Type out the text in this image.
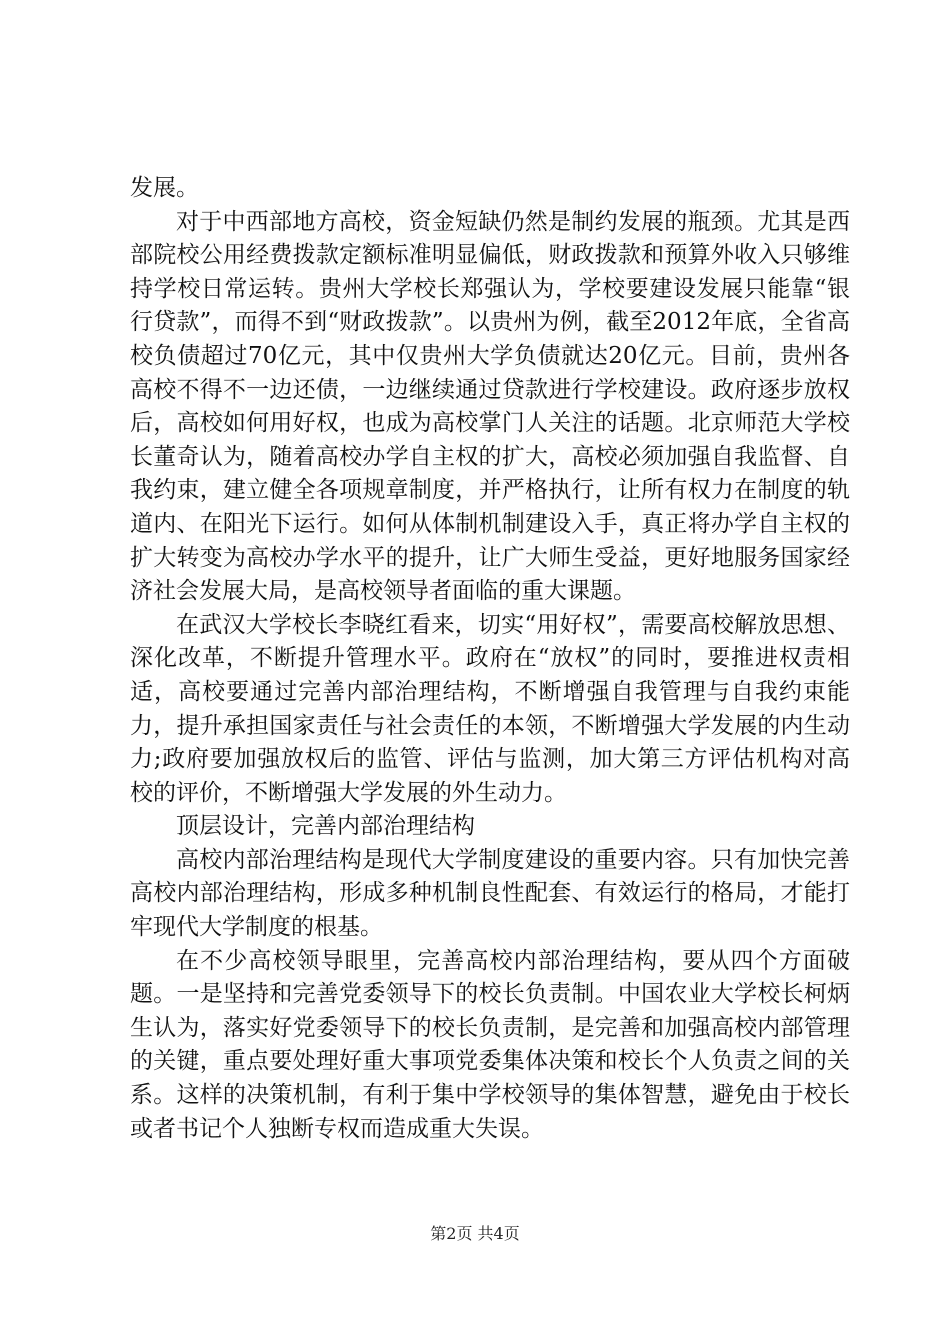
发展。

对于中西部地方高校，资金短缺仍然是制约发展的瓶颈。尤其是西部院校公用经费拨款定额标准明显偏低，财政拨款和预算外收入只够维持学校日常运转。贵州大学校长郑强认为，学校要建设发展只能靠“银行贷款”，而得不到“财政拨款”。以贵州为例，截至2012年底，全省高校负债超过70亿元，其中仅贵州大学负债就达20亿元。目前，贵州各高校不得不一边还债，一边继续通过贷款进行学校建设。政府逐步放权后，高校如何用好权，也成为高校掌门人关注的话题。北京师范大学校长董奇认为，随着高校办学自主权的扩大，高校必须加强自我监督、自我约束，建立健全各项规章制度，并严格执行，让所有权力在制度的轨道内、在阳光下运行。如何从体制机制建设入手，真正将办学自主权的扩大转变为高校办学水平的提升，让广大师生受益，更好地服务国家经济社会发展大局，是高校领导者面临的重大课题。

在武汉大学校长李晓红看来，切实“用好权”，需要高校解放思想、深化改革，不断提升管理水平。政府在“放权”的同时，要推进权责相适，高校要通过完善内部治理结构，不断增强自我管理与自我约束能力，提升承担国家责任与社会责任的本领，不断增强大学发展的内生动力;政府要加强放权后的监管、评估与监测，加大第三方评估机构对高校的评价，不断增强大学发展的外生动力。

顶层设计，完善内部治理结构

高校内部治理结构是现代大学制度建设的重要内容。只有加快完善高校内部治理结构，形成多种机制良性配套、有效运行的格局，才能打牢现代大学制度的根基。

在不少高校领导眼里，完善高校内部治理结构，要从四个方面破题。一是坚持和完善党委领导下的校长负责制。中国农业大学校长柯炳生认为，落实好党委领导下的校长负责制，是完善和加强高校内部管理的关键，重点要处理好重大事项党委集体决策和校长个人负责之间的关系。这样的决策机制，有利于集中学校领导的集体智慧，避免由于校长或者书记个人独断专权而造成重大失误。

第2页 共4页
